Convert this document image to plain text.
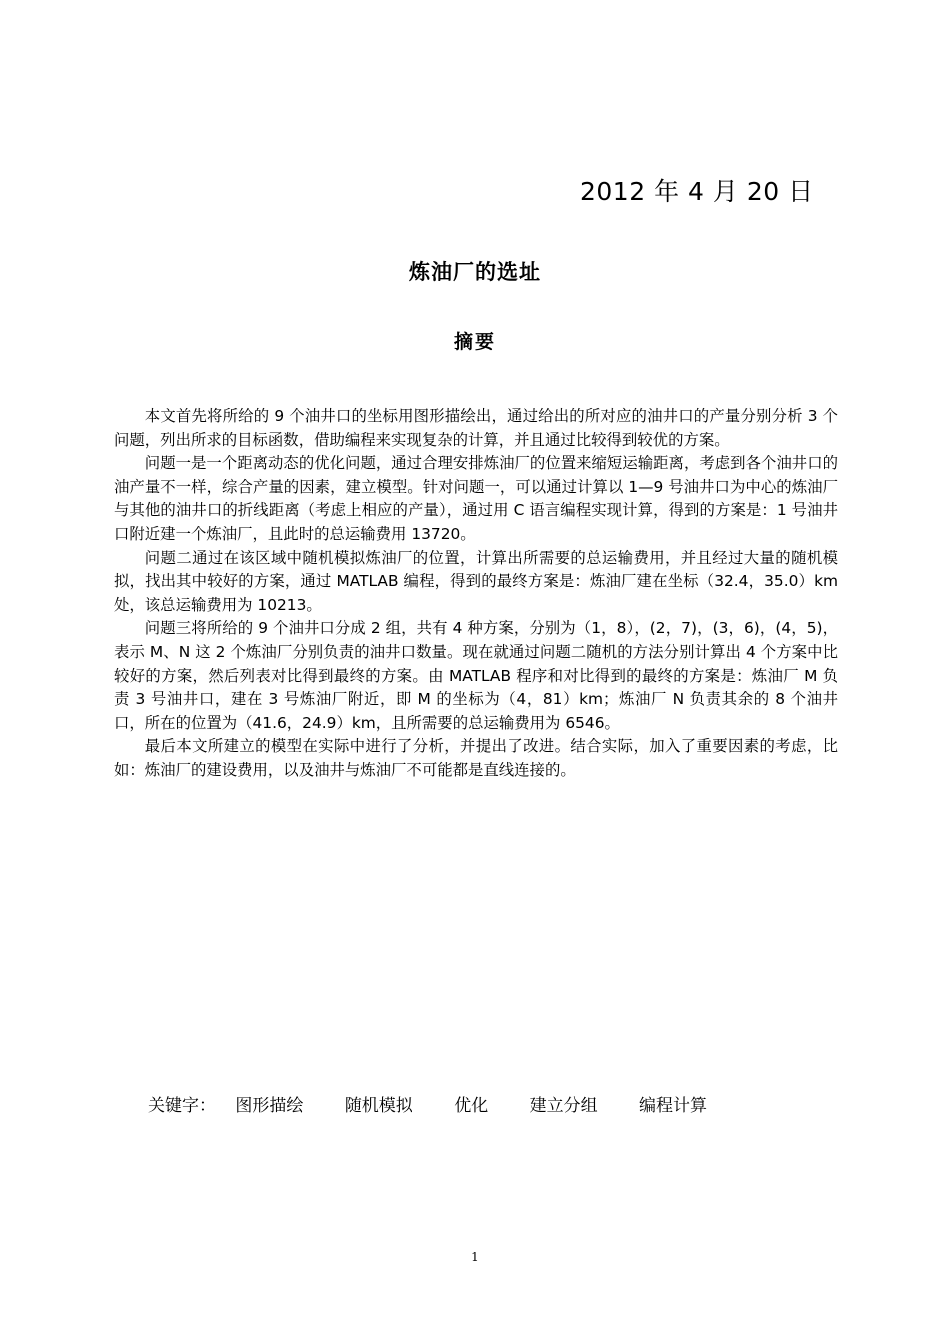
2012 年 4 月 20 日
炼油厂的选址
摘要

本文首先将所给的 9 个油井口的坐标用图形描绘出，通过给出的所对应的油井口的产量分别分析 3 个问题，列出所求的目标函数，借助编程来实现复杂的计算，并且通过比较得到较优的方案。

问题一是一个距离动态的优化问题，通过合理安排炼油厂的位置来缩短运输距离，考虑到各个油井口的油产量不一样，综合产量的因素，建立模型。针对问题一，可以通过计算以 1—9 号油井口为中心的炼油厂与其他的油井口的折线距离（考虑上相应的产量），通过用 C 语言编程实现计算，得到的方案是：1 号油井口附近建一个炼油厂，且此时的总运输费用 13720。

问题二通过在该区域中随机模拟炼油厂的位置，计算出所需要的总运输费用，并且经过大量的随机模拟，找出其中较好的方案，通过 MATLAB 编程，得到的最终方案是：炼油厂建在坐标（32.4，35.0）km 处，该总运输费用为 10213。

问题三将所给的 9 个油井口分成 2 组，共有 4 种方案，分别为（1，8），(2，7)，(3，6)，(4，5)，表示 M、N 这 2 个炼油厂分别负责的油井口数量。现在就通过问题二随机的方法分别计算出 4 个方案中比较好的方案，然后列表对比得到最终的方案。由 MATLAB 程序和对比得到的最终的方案是：炼油厂 M 负责 3 号油井口，建在 3 号炼油厂附近，即 M 的坐标为（4，81）km；炼油厂 N 负责其余的 8 个油井口，所在的位置为（41.6，24.9）km，且所需要的总运输费用为 6546。

最后本文所建立的模型在实际中进行了分析，并提出了改进。结合实际，加入了重要因素的考虑，比如：炼油厂的建设费用，以及油井与炼油厂不可能都是直线连接的。

关键字： 图形描绘 随机模拟 优化 建立分组 编程计算
1
